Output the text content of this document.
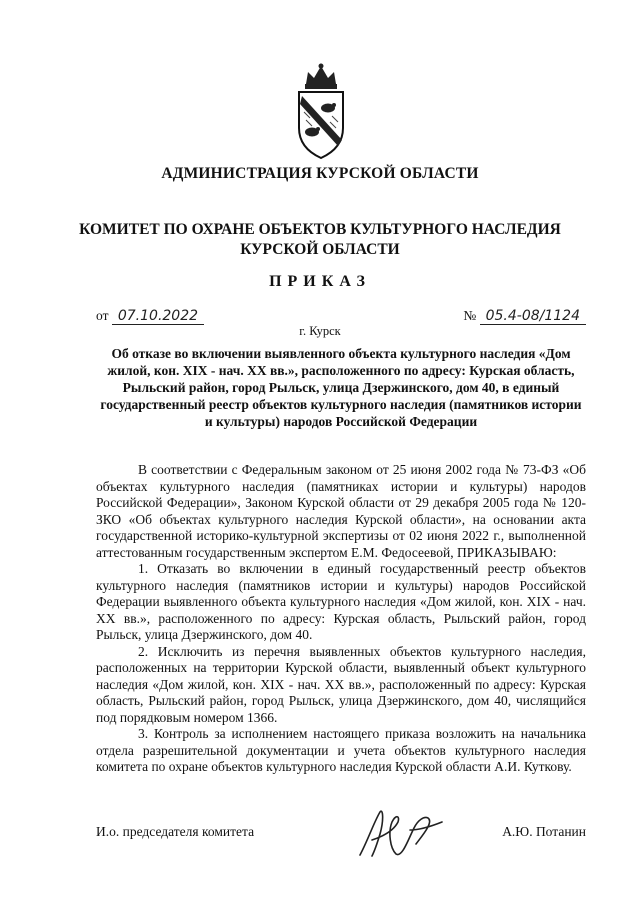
АДМИНИСТРАЦИЯ КУРСКОЙ ОБЛАСТИ
КОМИТЕТ ПО ОХРАНЕ ОБЪЕКТОВ КУЛЬТУРНОГО НАСЛЕДИЯ
КУРСКОЙ ОБЛАСТИ
ПРИКАЗ
от 07.10.2022	№ 05.4-08/1124
г. Курск
Об отказе во включении выявленного объекта культурного наследия «Дом жилой, кон. XIX - нач. XX вв.», расположенного по адресу: Курская область, Рыльский район, город Рыльск, улица Дзержинского, дом 40, в единый государственный реестр объектов культурного наследия (памятников истории и культуры) народов Российской Федерации

В соответствии с Федеральным законом от 25 июня 2002 года № 73-ФЗ «Об объектах культурного наследия (памятниках истории и культуры) народов Российской Федерации», Законом Курской области от 29 декабря 2005 года № 120-ЗКО «Об объектах культурного наследия Курской области», на основании акта государственной историко-культурной экспертизы от 02 июня 2022 г., выполненной аттестованным государственным экспертом Е.М. Федосеевой, ПРИКАЗЫВАЮ:

1. Отказать во включении в единый государственный реестр объектов культурного наследия (памятников истории и культуры) народов Российской Федерации выявленного объекта культурного наследия «Дом жилой, кон. XIX - нач. XX вв.», расположенного по адресу: Курская область, Рыльский район, город Рыльск, улица Дзержинского, дом 40.

2. Исключить из перечня выявленных объектов культурного наследия, расположенных на территории Курской области, выявленный объект культурного наследия «Дом жилой, кон. XIX - нач. XX вв.», расположенный по адресу: Курская область, Рыльский район, город Рыльск, улица Дзержинского, дом 40, числящийся под порядковым номером 1366.

3. Контроль за исполнением настоящего приказа возложить на начальника отдела разрешительной документации и учета объектов культурного наследия комитета по охране объектов культурного наследия Курской области А.И. Куткову.

И.о. председателя комитета	А.Ю. Потанин
